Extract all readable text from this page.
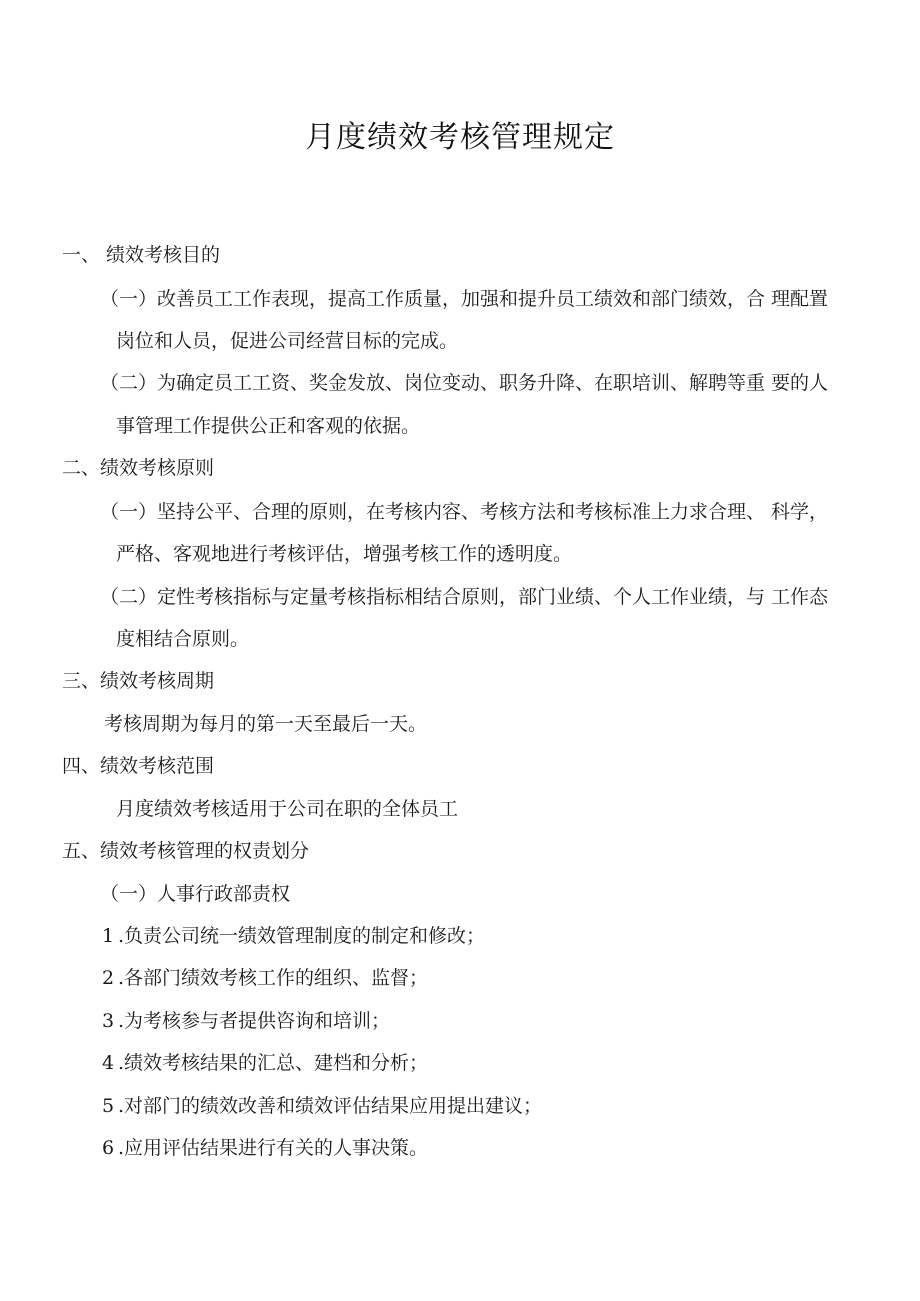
月度绩效考核管理规定
一、 绩效考核目的
（一）改善员工工作表现，提高工作质量，加强和提升员工绩效和部门绩效，合 理配置
岗位和人员，促进公司经营目标的完成。
（二）为确定员工工资、奖金发放、岗位变动、职务升降、在职培训、解聘等重 要的人
事管理工作提供公正和客观的依据。
二、绩效考核原则
（一）坚持公平、合理的原则，在考核内容、考核方法和考核标准上力求合理、 科学，
严格、客观地进行考核评估，增强考核工作的透明度。
（二）定性考核指标与定量考核指标相结合原则，部门业绩、个人工作业绩，与 工作态
度相结合原则。
三、绩效考核周期
考核周期为每月的第一天至最后一天。
四、绩效考核范围
月度绩效考核适用于公司在职的全体员工
五、绩效考核管理的权责划分
（一）人事行政部责权
1 .负责公司统一绩效管理制度的制定和修改；
2 .各部门绩效考核工作的组织、监督；
3 .为考核参与者提供咨询和培训；
4 .绩效考核结果的汇总、建档和分析；
5 .对部门的绩效改善和绩效评估结果应用提出建议；
6 .应用评估结果进行有关的人事决策。
